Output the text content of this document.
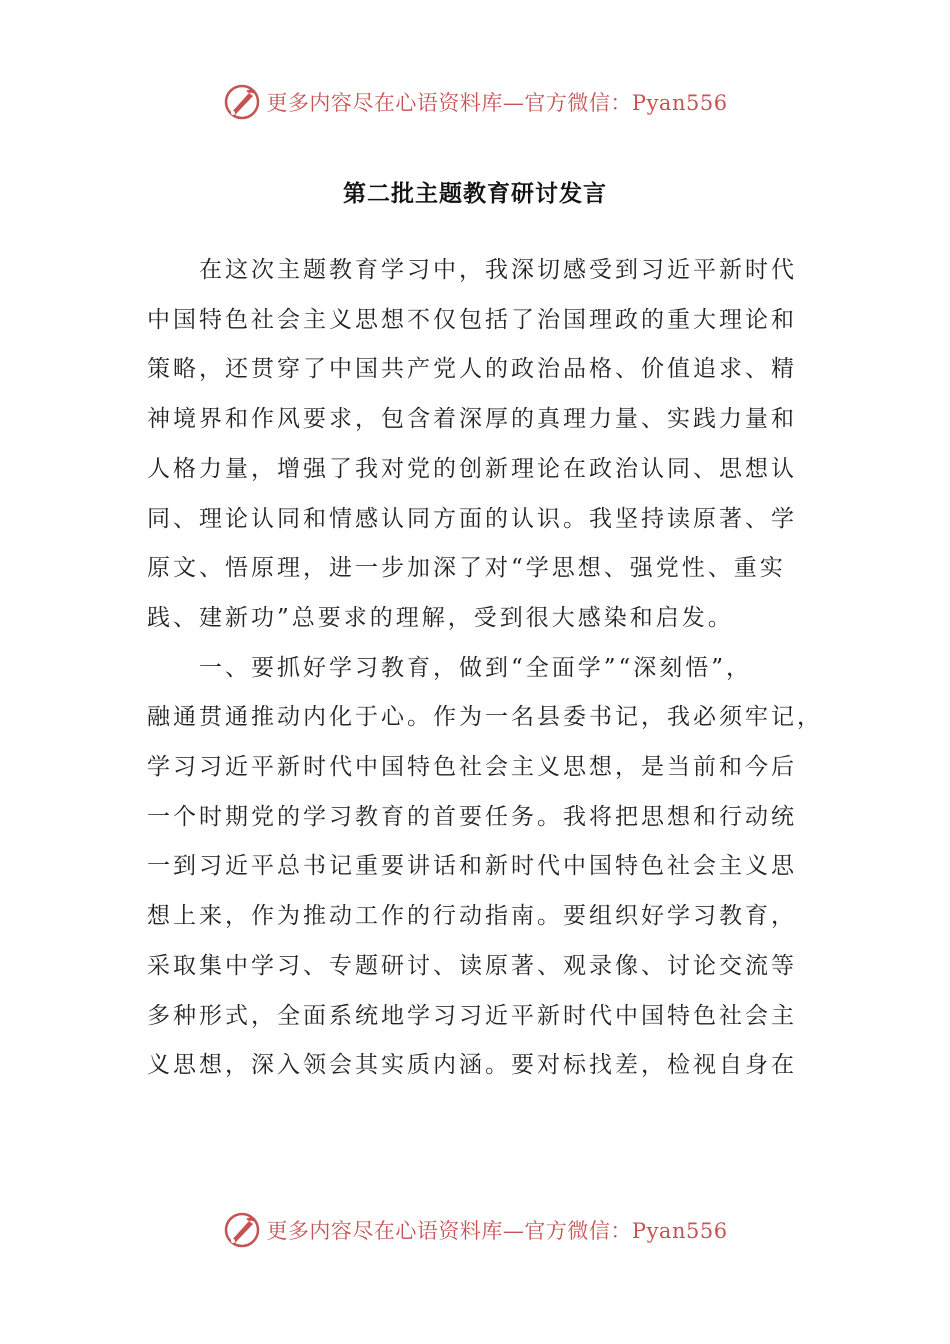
更多内容尽在心语资料库—官方微信：Pyan556
第二批主题教育研讨发言
　　在这次主题教育学习中，我深切感受到习近平新时代
中国特色社会主义思想不仅包括了治国理政的重大理论和
策略，还贯穿了中国共产党人的政治品格、价值追求、精
神境界和作风要求，包含着深厚的真理力量、实践力量和
人格力量，增强了我对党的创新理论在政治认同、思想认
同、理论认同和情感认同方面的认识。我坚持读原著、学
原文、悟原理，进一步加深了对“学思想、强党性、重实
践、建新功”总要求的理解，受到很大感染和启发。
　　一、要抓好学习教育，做到“全面学”“深刻悟”，
融通贯通推动内化于心。作为一名县委书记，我必须牢记，
学习习近平新时代中国特色社会主义思想，是当前和今后
一个时期党的学习教育的首要任务。我将把思想和行动统
一到习近平总书记重要讲话和新时代中国特色社会主义思
想上来，作为推动工作的行动指南。要组织好学习教育，
采取集中学习、专题研讨、读原著、观录像、讨论交流等
多种形式，全面系统地学习习近平新时代中国特色社会主
义思想，深入领会其实质内涵。要对标找差，检视自身在
更多内容尽在心语资料库—官方微信：Pyan556
